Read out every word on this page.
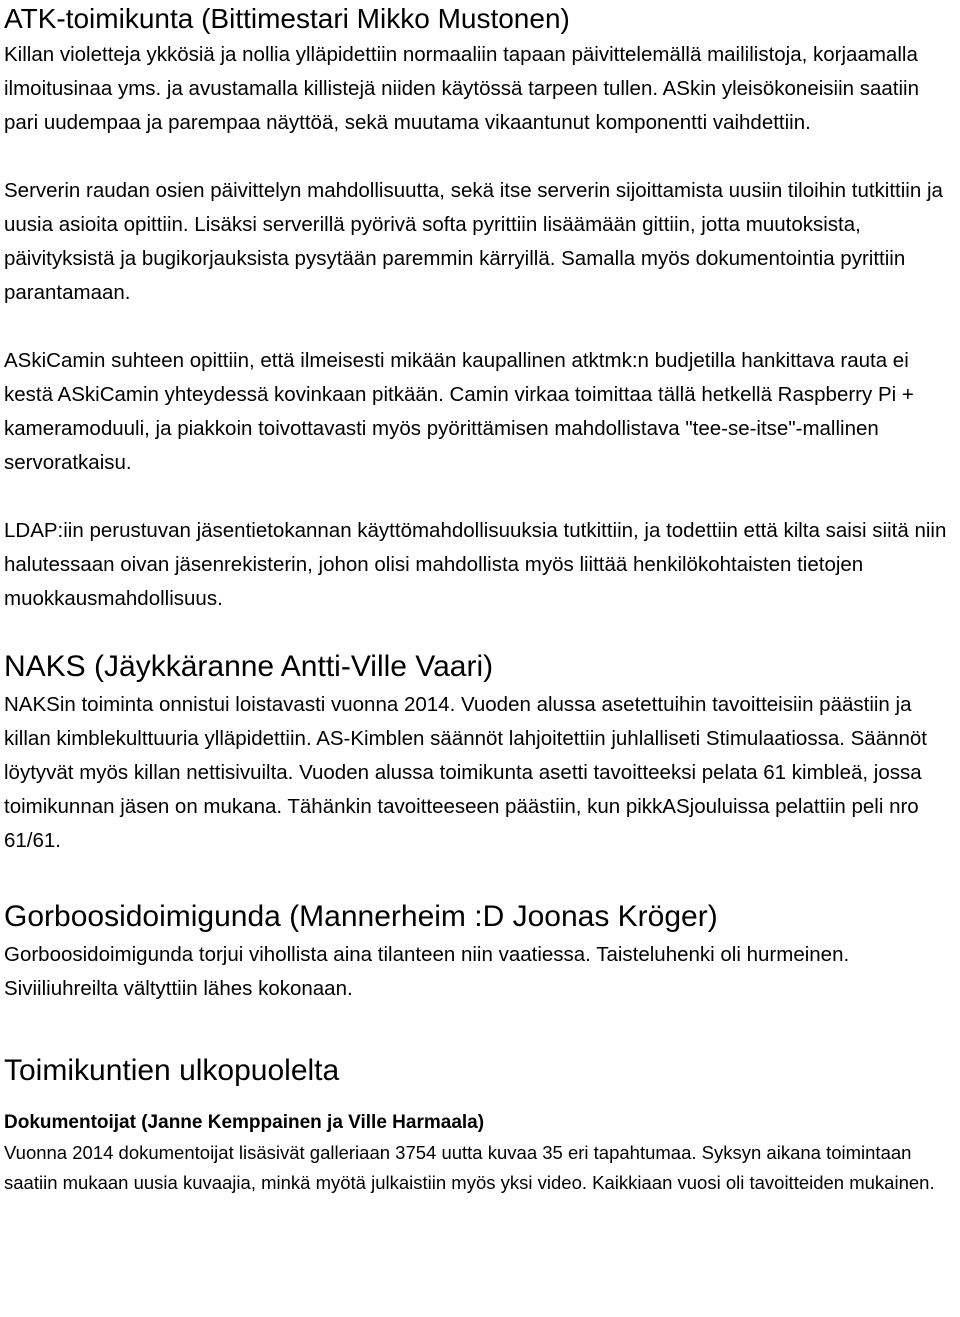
ATK-toimikunta (Bittimestari Mikko Mustonen)

Killan violetteja ykkösiä ja nollia ylläpidettiin normaaliin tapaan päivittelemällä maililistoja, korjaamalla ilmoitusinaa yms. ja avustamalla killistejä niiden käytössä tarpeen tullen. ASkin yleisökoneisiin saatiin pari uudempaa ja parempaa näyttöä, sekä muutama vikaantunut komponentti vaihdettiin.

Serverin raudan osien päivittelyn mahdollisuutta, sekä itse serverin sijoittamista uusiin tiloihin tutkittiin ja uusia asioita opittiin. Lisäksi serverillä pyörivä softa pyrittiin lisäämään gittiin, jotta muutoksista, päivityksistä ja bugikorjauksista pysytään paremmin kärryillä. Samalla myös dokumentointia pyrittiin parantamaan.

ASkiCamin suhteen opittiin, että ilmeisesti mikään kaupallinen atktmk:n budjetilla hankittava rauta ei kestä ASkiCamin yhteydessä kovinkaan pitkään. Camin virkaa toimittaa tällä hetkellä Raspberry Pi + kameramoduuli, ja piakkoin toivottavasti myös pyörittämisen mahdollistava "tee-se-itse"-mallinen servoratkaisu.

LDAP:iin perustuvan jäsentietokannan käyttömahdollisuuksia tutkittiin, ja todettiin että kilta saisi siitä niin halutessaan oivan jäsenrekisterin, johon olisi mahdollista myös liittää henkilökohtaisten tietojen muokkausmahdollisuus.

NAKS (Jäykkäranne Antti-Ville Vaari)

NAKSin toiminta onnistui loistavasti vuonna 2014. Vuoden alussa asetettuihin tavoitteisiin päästiin ja killan kimblekulttuuria ylläpidettiin. AS-Kimblen säännöt lahjoitettiin juhlalliseti Stimulaatiossa. Säännöt löytyvät myös killan nettisivuilta. Vuoden alussa toimikunta asetti tavoitteeksi pelata 61 kimbleä, jossa toimikunnan jäsen on mukana. Tähänkin tavoitteeseen päästiin, kun pikkASjouluissa pelattiin peli nro 61/61.

Gorboosidoimigunda (Mannerheim :D Joonas Kröger)

Gorboosidoimigunda torjui vihollista aina tilanteen niin vaatiessa. Taisteluhenki oli hurmeinen. Siviiliuhreilta vältyttiin lähes kokonaan.

Toimikuntien ulkopuolelta
Dokumentoijat (Janne Kemppainen ja Ville Harmaala)

Vuonna 2014 dokumentoijat lisäsivät galleriaan 3754 uutta kuvaa 35 eri tapahtumaa. Syksyn aikana toimintaan saatiin mukaan uusia kuvaajia, minkä myötä julkaistiin myös yksi video. Kaikkiaan vuosi oli tavoitteiden mukainen.
